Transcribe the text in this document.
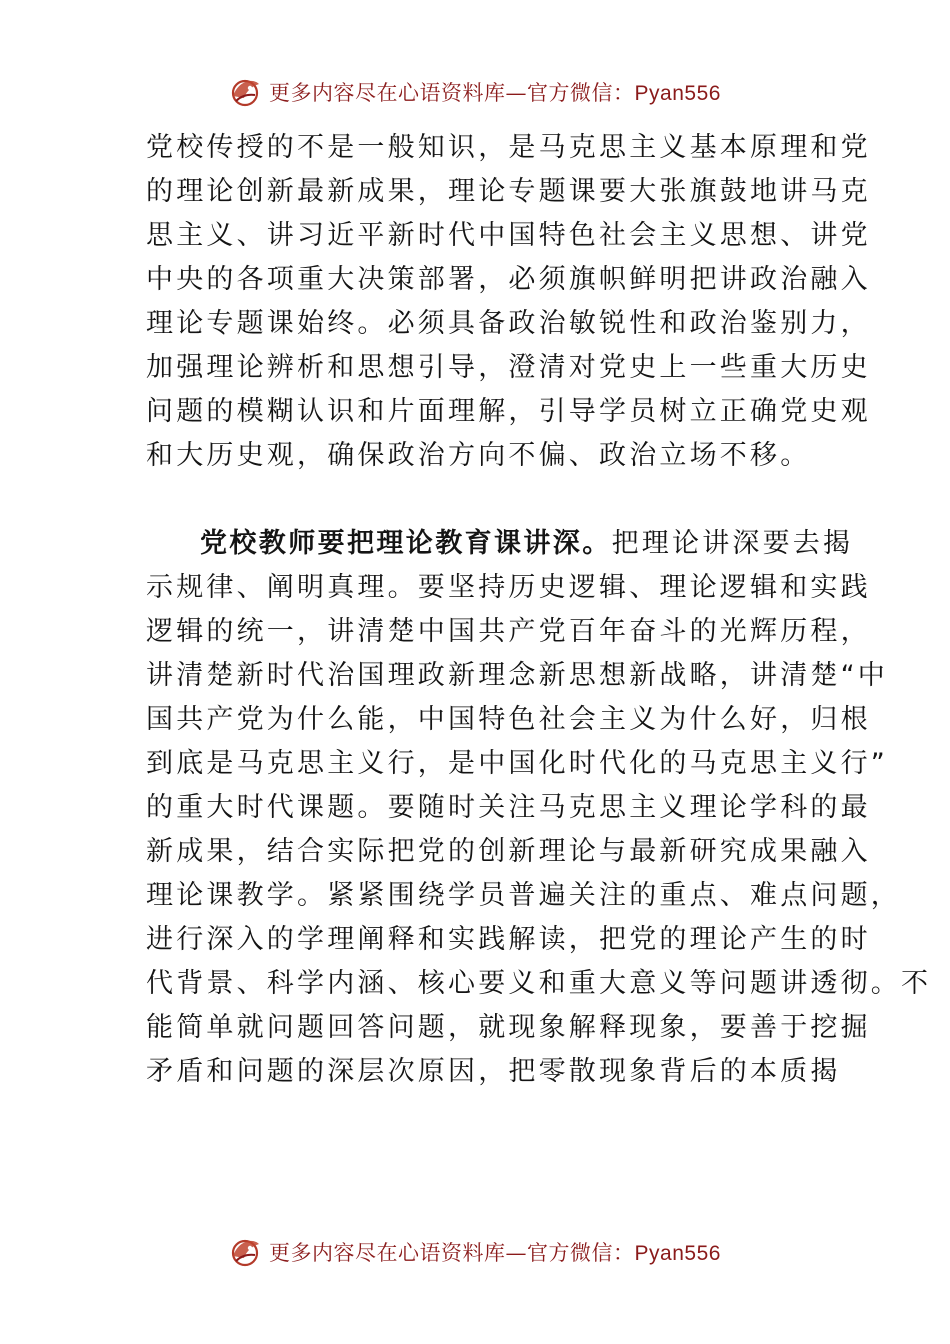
更多内容尽在心语资料库—官方微信：Pyan556
党校传授的不是一般知识，是马克思主义基本原理和党
的理论创新最新成果，理论专题课要大张旗鼓地讲马克
思主义、讲习近平新时代中国特色社会主义思想、讲党
中央的各项重大决策部署，必须旗帜鲜明把讲政治融入
理论专题课始终。必须具备政治敏锐性和政治鉴别力，
加强理论辨析和思想引导，澄清对党史上一些重大历史
问题的模糊认识和片面理解，引导学员树立正确党史观
和大历史观，确保政治方向不偏、政治立场不移。
党校教师要把理论教育课讲深。把理论讲深要去揭
示规律、阐明真理。要坚持历史逻辑、理论逻辑和实践
逻辑的统一，讲清楚中国共产党百年奋斗的光辉历程，
讲清楚新时代治国理政新理念新思想新战略，讲清楚“中
国共产党为什么能，中国特色社会主义为什么好，归根
到底是马克思主义行，是中国化时代化的马克思主义行”
的重大时代课题。要随时关注马克思主义理论学科的最
新成果，结合实际把党的创新理论与最新研究成果融入
理论课教学。紧紧围绕学员普遍关注的重点、难点问题，
进行深入的学理阐释和实践解读，把党的理论产生的时
代背景、科学内涵、核心要义和重大意义等问题讲透彻。不
能简单就问题回答问题，就现象解释现象，要善于挖掘
矛盾和问题的深层次原因，把零散现象背后的本质揭
更多内容尽在心语资料库—官方微信：Pyan556
